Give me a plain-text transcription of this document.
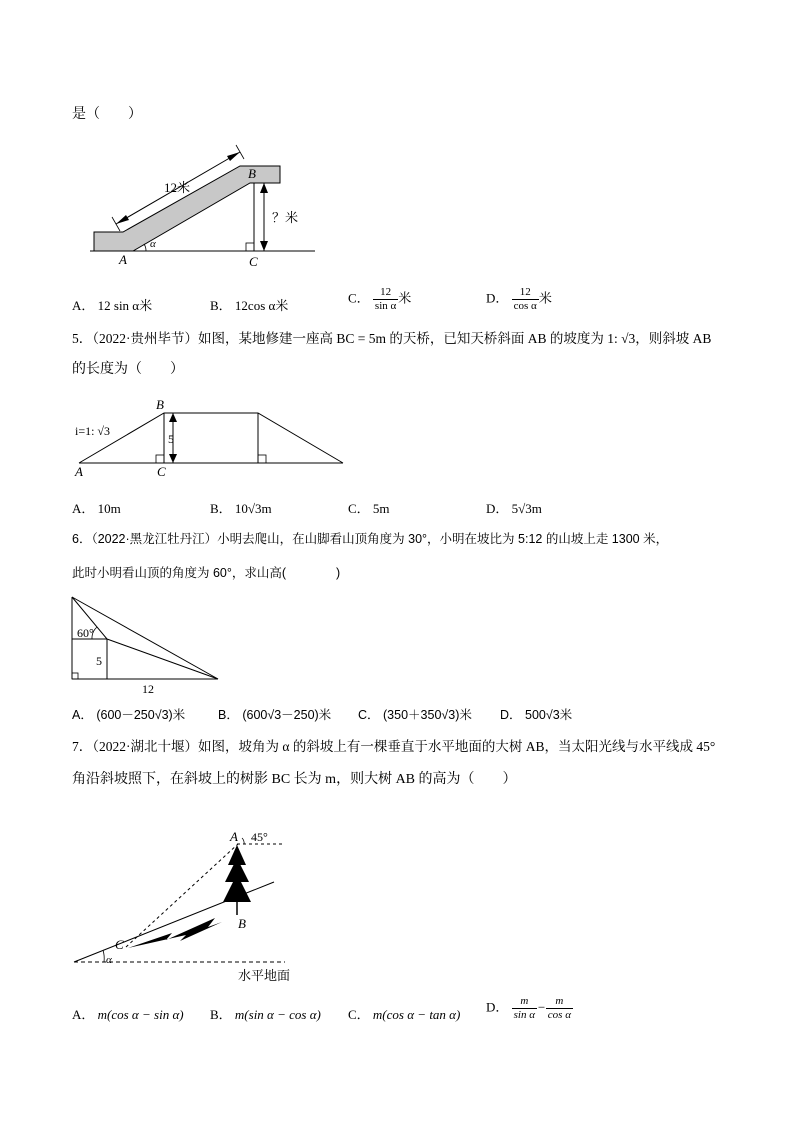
是（　　）
12米
B
A	C
α
？米
A． 12 sin α米	B． 12cos α米
C． $\frac{12}{\text{sin α}}$ 米	D． $\frac{12}{\text{cos α}}$ 米
5．（2022·贵州毕节）如图，某地修建一座高 BC = 5m 的天桥，已知天桥斜面 AB 的坡度为 1: √3，则斜坡 AB
的长度为（　　）
B
i=1: √3
5
A	C
A． 10m	B． 10√3m	C． 5m	D． 5√3m
6．（2022·黑龙江牡丹江）小明去爬山，在山脚看山顶角度为 30°，小明在坡比为 5:12 的山坡上走 1300 米，
此时小明看山顶的角度为 60°，求山高(　　　　)
60°
5
12
A． (600－250√3)米	B． (600√3－250)米 C． (350＋350√3)米 D． 500√3米
7．（2022·湖北十堰）如图，坡角为 α 的斜坡上有一棵垂直于水平地面的大树 AB，当太阳光线与水平线成 45°
角沿斜坡照下，在斜坡上的树影 BC 长为 m，则大树 AB 的高为（　　）
A 45°
B
C
α
水平地面
A． m(cos α − sin α) B． m(sin α − cos α) C． m(cos α − tan α)
D． $\frac{m}{\text{sin α}} - \frac{m}{\text{cos α}}$
